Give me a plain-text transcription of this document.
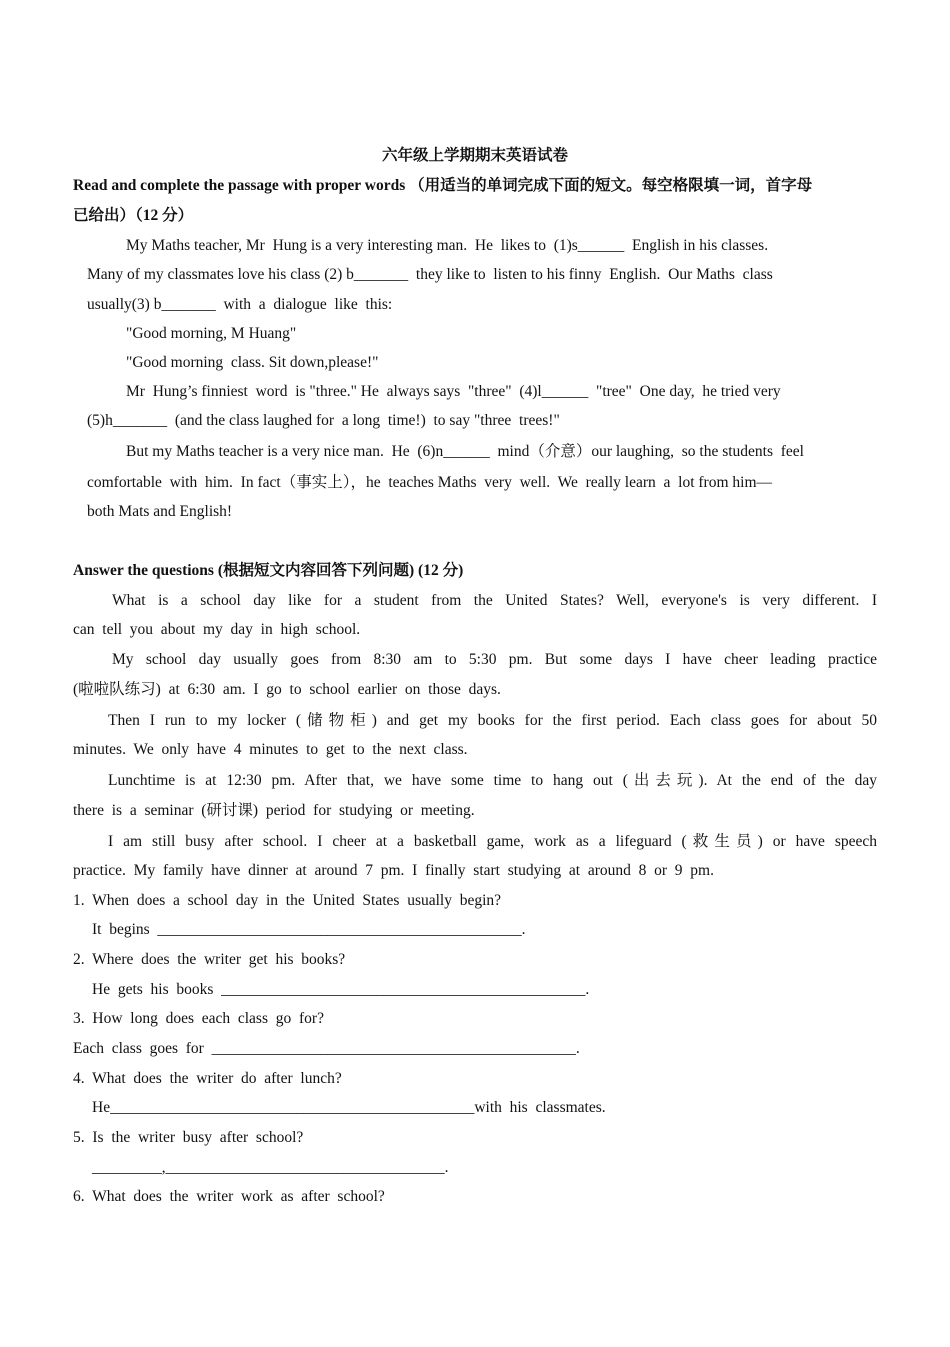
六年级上学期期末英语试卷
Read and complete the passage with proper words （用适当的单词完成下面的短文。每空格限填一词，首字母
已给出）（12 分）
My Maths teacher, Mr  Hung is a very interesting man.  He  likes to  (1)s______  English in his classes.
Many of my classmates love his class (2) b_______  they like to  listen to his finny  English.  Our Maths  class
usually(3) b_______  with  a  dialogue  like  this:
"Good morning, M Huang"
"Good morning  class. Sit down,please!"
Mr  Hung’s finniest  word  is "three." He  always says  "three"  (4)l______  "tree"  One day,  he tried very
(5)h_______  (and the class laughed for  a long  time!)  to say "three  trees!"
But my Maths teacher is a very nice man.  He  (6)n______  mind（介意）our laughing,  so the students  feel
comfortable  with  him.  In fact（事实上），he  teaches Maths  very  well.  We  really learn  a  lot from him—
both Mats and English!
Answer the questions (根据短文内容回答下列问题) (12 分)
What is a school day like for a student from the United States? Well, everyone's is very different. I
can  tell  you  about  my  day  in  high  school.
My school day usually goes from 8:30 am to 5:30 pm. But some days I have cheer leading practice
(啦啦队练习)  at  6:30  am.  I  go  to  school  earlier  on  those  days.
Then I run to my locker (储物柜) and get my books for the first period. Each class goes for about 50
minutes.  We  only  have  4  minutes  to  get  to  the  next  class.
Lunchtime is at 12:30 pm. After that, we have some time to hang out (出去玩). At the end of the day
there  is  a  seminar  (研讨课)  period  for  studying  or  meeting.
I am still busy after school. I cheer at a basketball game, work as a lifeguard (救生员) or have speech
practice.  My  family  have  dinner  at  around  7  pm.  I  finally  start  studying  at  around  8  or  9  pm.
1.  When  does  a  school  day  in  the  United  States  usually  begin?
It  begins  _______________________________________________.
2.  Where  does  the  writer  get  his  books?
He  gets  his  books  _______________________________________________.
3.  How  long  does  each  class  go  for?
Each  class  goes  for  _______________________________________________.
4.  What  does  the  writer  do  after  lunch?
He_______________________________________________with  his  classmates.
5.  Is  the  writer  busy  after  school?
_________,____________________________________.
6.  What  does  the  writer  work  as  after  school?
